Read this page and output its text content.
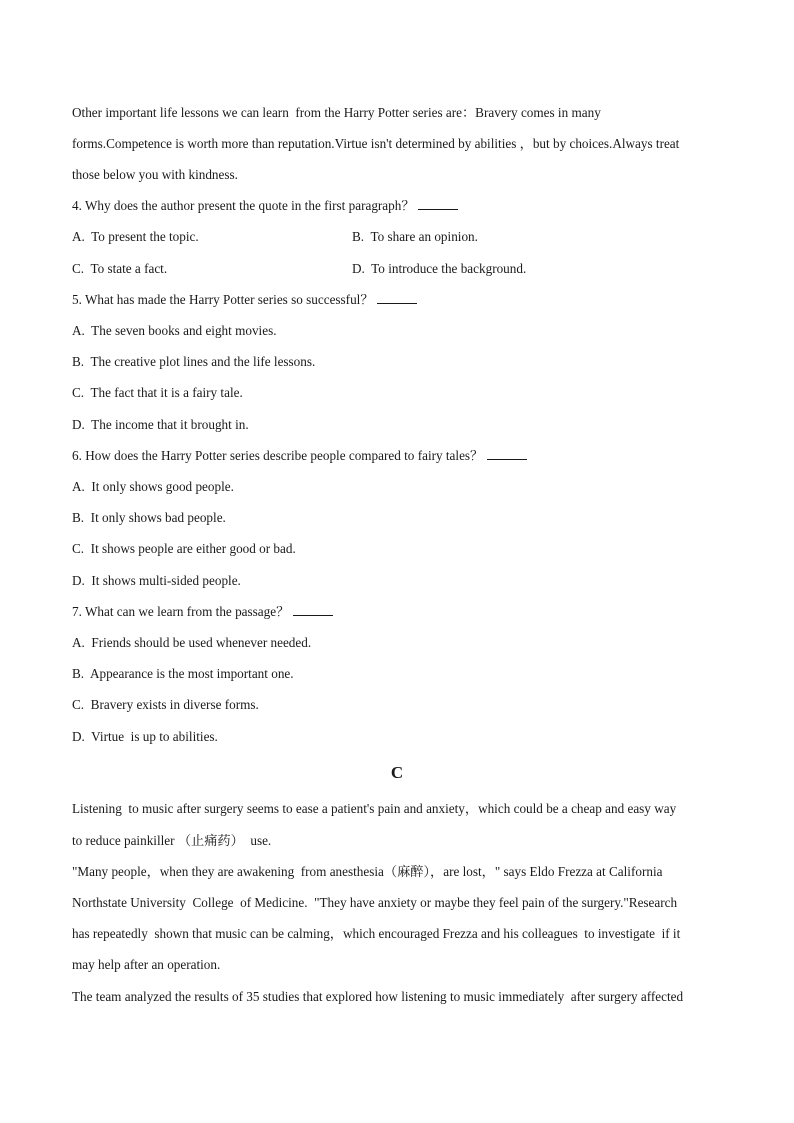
Other important life lessons we can learn  from the Harry Potter series are：Bravery comes in many
forms.Competence is worth more than reputation.Virtue isn't determined by abilities ，but by choices.Always treat
those below you with kindness.
4. Why does the author present the quote in the first paragraph？
A.  To present the topic.	B.  To share an opinion.
C.  To state a fact.	D.  To introduce the background.
5. What has made the Harry Potter series so successful？
A.  The seven books and eight movies.
B.  The creative plot lines and the life lessons.
C.  The fact that it is a fairy tale.
D.  The income that it brought in.
6. How does the Harry Potter series describe people compared to fairy tales？
A.  It only shows good people.
B.  It only shows bad people.
C.  It shows people are either good or bad.
D.  It shows multi-sided people.
7. What can we learn from the passage？
A.  Friends should be used whenever needed.
B.  Appearance is the most important one.
C.  Bravery exists in diverse forms.
D.  Virtue  is up to abilities.
C
Listening  to music after surgery seems to ease a patient's pain and anxiety，which could be a cheap and easy way
to reduce painkiller （止痛药）  use.
"Many people，when they are awakening  from anesthesia（麻醉），are lost，" says Eldo Frezza at California
Northstate University  College  of Medicine.  "They have anxiety or maybe they feel pain of the surgery."Research
has repeatedly  shown that music can be calming，which encouraged Frezza and his colleagues  to investigate  if it
may help after an operation.
The team analyzed the results of 35 studies that explored how listening to music immediately  after surgery affected
